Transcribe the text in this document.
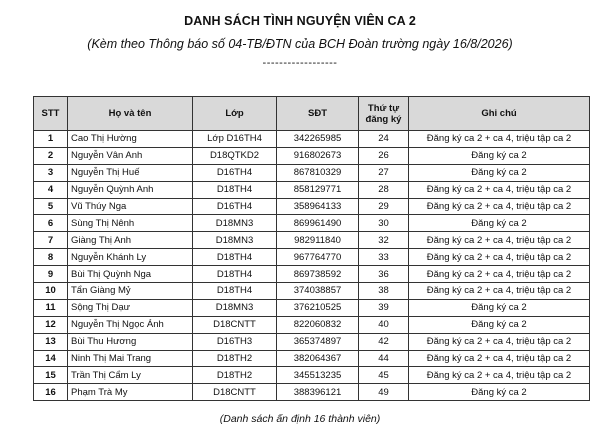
DANH SÁCH TÌNH NGUYỆN VIÊN CA 2
(Kèm theo Thông báo số 04-TB/ĐTN của BCH Đoàn trường ngày 16/8/2026)
------------------
STT	Họ và tên	Lớp	SĐT	Thứ tự đăng ký	Ghi chú
1	Cao Thị Hường	Lớp D16TH4	342265985	24	Đăng ký ca 2 + ca 4, triệu tập ca 2
2	Nguyễn Vân Anh	D18QTKD2	916802673	26	Đăng ký ca 2
3	Nguyễn Thị Huế	D16TH4	867810329	27	Đăng ký ca 2
4	Nguyễn Quỳnh Anh	D18TH4	858129771	28	Đăng ký ca 2 + ca 4, triệu tập ca 2
5	Vũ Thúy Nga	D16TH4	358964133	29	Đăng ký ca 2 + ca 4, triệu tập ca 2
6	Sùng Thị Nênh	D18MN3	869961490	30	Đăng ký ca 2
7	Giàng Thị Anh	D18MN3	982911840	32	Đăng ký ca 2 + ca 4, triệu tập ca 2
8	Nguyễn Khánh Ly	D18TH4	967764770	33	Đăng ký ca 2 + ca 4, triệu tập ca 2
9	Bùi Thị Quỳnh Nga	D18TH4	869738592	36	Đăng ký ca 2 + ca 4, triệu tập ca 2
10	Tẩn Giàng Mỷ	D18TH4	374038857	38	Đăng ký ca 2 + ca 4, triệu tập ca 2
11	Sộng Thị Dạư	D18MN3	376210525	39	Đăng ký ca 2
12	Nguyễn Thị Ngọc Ánh	D18CNTT	822060832	40	Đăng ký ca 2
13	Bùi Thu Hương	D16TH3	365374897	42	Đăng ký ca 2 + ca 4, triệu tập ca 2
14	Ninh Thị Mai Trang	D18TH2	382064367	44	Đăng ký ca 2 + ca 4, triệu tập ca 2
15	Trần Thị Cẩm Ly	D18TH2	345513235	45	Đăng ký ca 2 + ca 4, triệu tập ca 2
16	Phạm Trà My	D18CNTT	388396121	49	Đăng ký ca 2
(Danh sách ấn định 16 thành viên)
